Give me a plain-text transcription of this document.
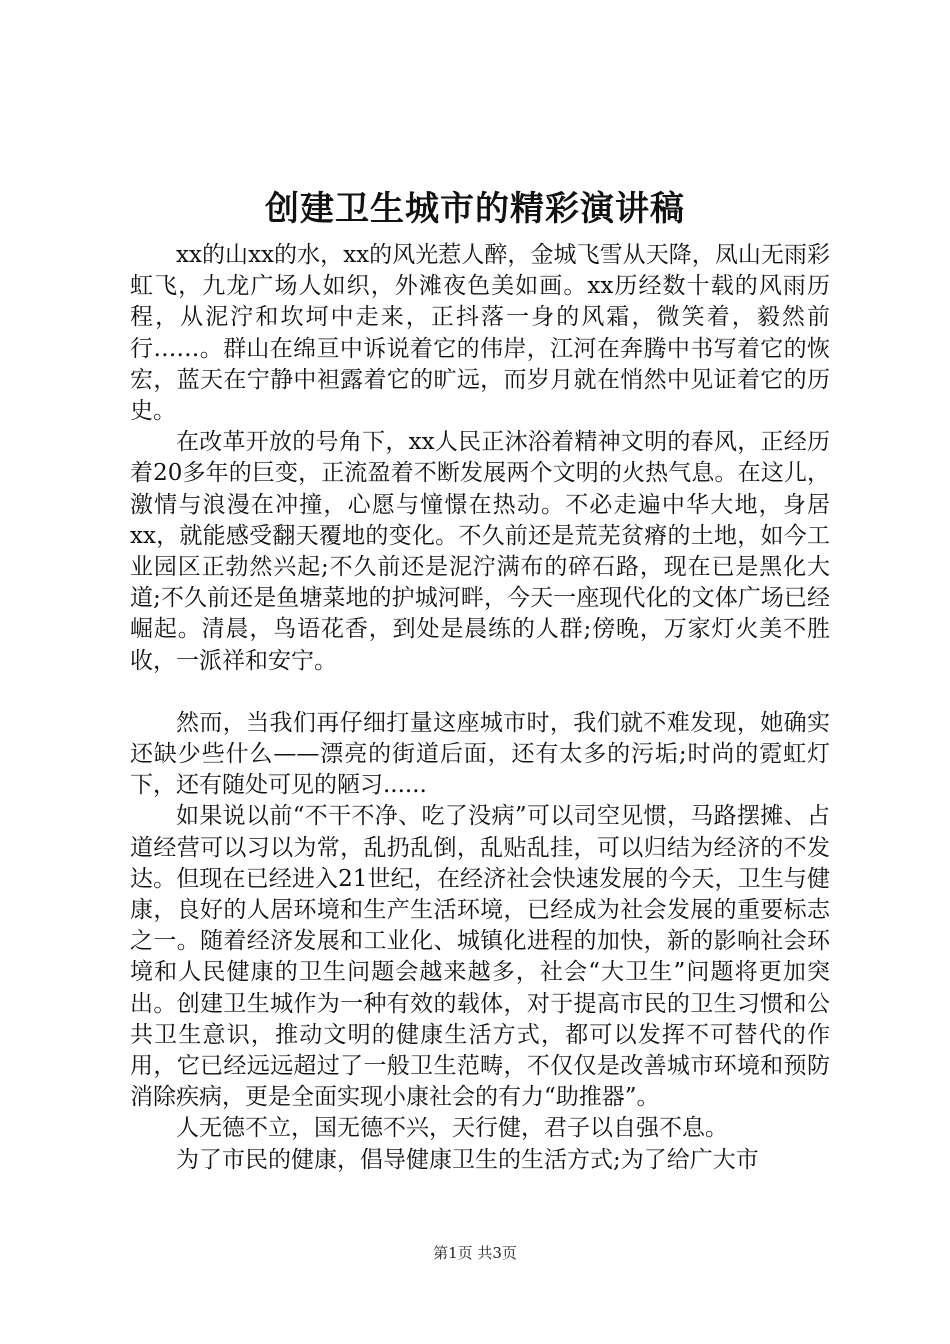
创建卫生城市的精彩演讲稿

xx的山xx的水，xx的风光惹人醉，金城飞雪从天降，凤山无雨彩虹飞，九龙广场人如织，外滩夜色美如画。xx历经数十载的风雨历程，从泥泞和坎坷中走来，正抖落一身的风霜，微笑着，毅然前行……。群山在绵亘中诉说着它的伟岸，江河在奔腾中书写着它的恢宏，蓝天在宁静中袒露着它的旷远，而岁月就在悄然中见证着它的历史。

在改革开放的号角下，xx人民正沐浴着精神文明的春风，正经历着20多年的巨变，正流盈着不断发展两个文明的火热气息。在这儿，激情与浪漫在冲撞，心愿与憧憬在热动。不必走遍中华大地，身居xx，就能感受翻天覆地的变化。不久前还是荒芜贫瘠的土地，如今工业园区正勃然兴起;不久前还是泥泞满布的碎石路，现在已是黑化大道;不久前还是鱼塘菜地的护城河畔，今天一座现代化的文体广场已经崛起。清晨，鸟语花香，到处是晨练的人群;傍晚，万家灯火美不胜收，一派祥和安宁。

然而，当我们再仔细打量这座城市时，我们就不难发现，她确实还缺少些什么——漂亮的街道后面，还有太多的污垢;时尚的霓虹灯下，还有随处可见的陋习......

如果说以前“不干不净、吃了没病”可以司空见惯，马路摆摊、占道经营可以习以为常，乱扔乱倒，乱贴乱挂，可以归结为经济的不发达。但现在已经进入21世纪，在经济社会快速发展的今天，卫生与健康，良好的人居环境和生产生活环境，已经成为社会发展的重要标志之一。随着经济发展和工业化、城镇化进程的加快，新的影响社会环境和人民健康的卫生问题会越来越多，社会“大卫生”问题将更加突出。创建卫生城作为一种有效的载体，对于提高市民的卫生习惯和公共卫生意识，推动文明的健康生活方式，都可以发挥不可替代的作用，它已经远远超过了一般卫生范畴，不仅仅是改善城市环境和预防消除疾病，更是全面实现小康社会的有力“助推器”。

人无德不立，国无德不兴，天行健，君子以自强不息。

为了市民的健康，倡导健康卫生的生活方式;为了给广大市

第1页 共3页
